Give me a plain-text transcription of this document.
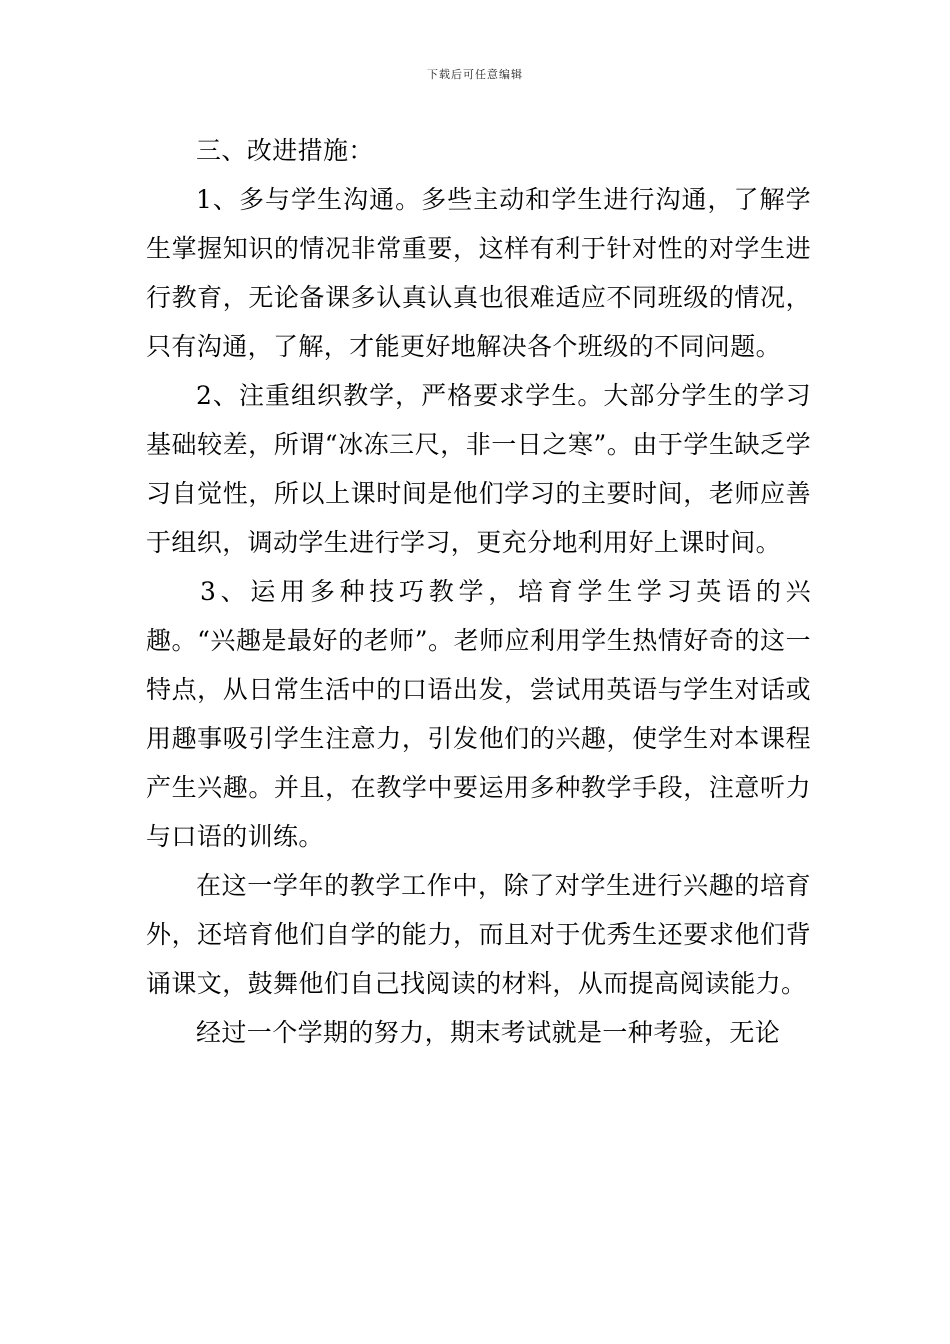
下载后可任意编辑

三、改进措施：

1、多与学生沟通。多些主动和学生进行沟通，了解学生掌握知识的情况非常重要，这样有利于针对性的对学生进行教育，无论备课多认真认真也很难适应不同班级的情况，只有沟通，了解，才能更好地解决各个班级的不同问题。

2、注重组织教学，严格要求学生。大部分学生的学习基础较差，所谓“冰冻三尺，非一日之寒”。由于学生缺乏学习自觉性，所以上课时间是他们学习的主要时间，老师应善于组织，调动学生进行学习，更充分地利用好上课时间。

3、运用多种技巧教学，培育学生学习英语的兴趣。“兴趣是最好的老师”。老师应利用学生热情好奇的这一特点，从日常生活中的口语出发，尝试用英语与学生对话或用趣事吸引学生注意力，引发他们的兴趣，使学生对本课程产生兴趣。并且，在教学中要运用多种教学手段，注意听力与口语的训练。

在这一学年的教学工作中，除了对学生进行兴趣的培育外，还培育他们自学的能力，而且对于优秀生还要求他们背诵课文，鼓舞他们自己找阅读的材料，从而提高阅读能力。

经过一个学期的努力，期末考试就是一种考验，无论
